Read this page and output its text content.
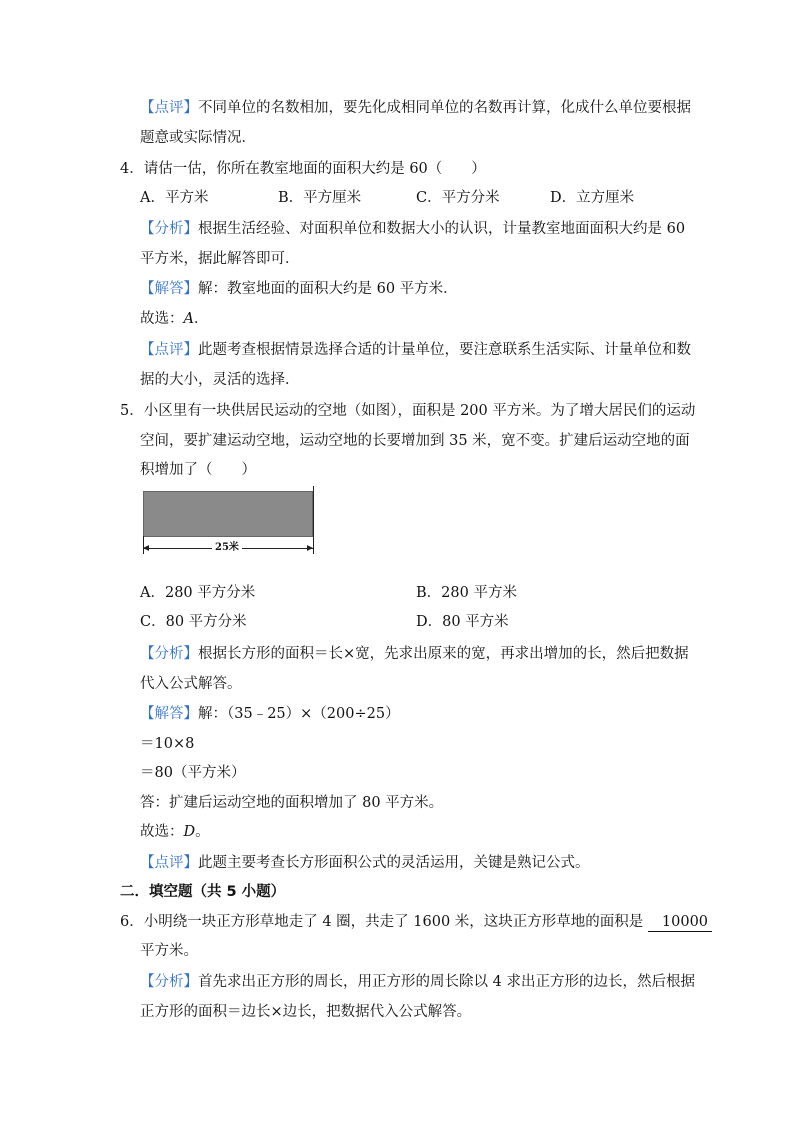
【点评】不同单位的名数相加，要先化成相同单位的名数再计算，化成什么单位要根据
题意或实际情况．
4．请估一估，你所在教室地面的面积大约是 60（　　）
A．平方米	B．平方厘米	C．平方分米	D．立方厘米
【分析】根据生活经验、对面积单位和数据大小的认识，计量教室地面面积大约是 60
平方米，据此解答即可．
【解答】解：教室地面的面积大约是 60 平方米．
故选：A．
【点评】此题考查根据情景选择合适的计量单位，要注意联系生活实际、计量单位和数
据的大小，灵活的选择．
5．小区里有一块供居民运动的空地（如图），面积是 200 平方米。为了增大居民们的运动
空间，要扩建运动空地，运动空地的长要增加到 35 米，宽不变。扩建后运动空地的面
积增加了（　　）
25米
A．280 平方分米	B．280 平方米
C．80 平方分米	D．80 平方米
【分析】根据长方形的面积＝长×宽，先求出原来的宽，再求出增加的长，然后把数据
代入公式解答。
【解答】解：（35﹣25）×（200÷25）
＝10×8
＝80（平方米）
答：扩建后运动空地的面积增加了 80 平方米。
故选：D。
【点评】此题主要考查长方形面积公式的灵活运用，关键是熟记公式。
二．填空题（共 5 小题）
6．小明绕一块正方形草地走了 4 圈，共走了 1600 米，这块正方形草地的面积是 10000
平方米。
【分析】首先求出正方形的周长，用正方形的周长除以 4 求出正方形的边长，然后根据
正方形的面积＝边长×边长，把数据代入公式解答。
